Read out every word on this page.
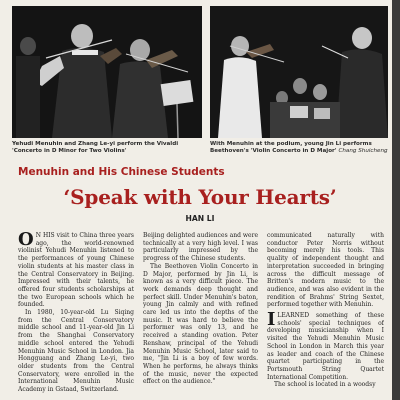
Yehudi Menuhin and Zhang Le-yi perform the Vivaldi 'Concerto in D Minor for Two Violins'
With Menuhin at the podium, young Jin Li performs Beethoven's 'Violin Concerto in D Major' Chang Shuicheng
Menuhin and His Chinese Students
‘Speak with Your Hearts’
HAN LI

O N HIS visit to China three years ago, the world-renowned violinist Yehudi Menuhin listened to the performances of young Chinese violin students at his master class in the Central Conservatory in Beijing. Impressed with their talents, he offered four students scholarships at the two European schools which he founded.

In 1980, 10-year-old Lu Siqing from the Central Conservatory middle school and 11-year-old Jin Li from the Shanghai Conservatory middle school entered the Yehudi Menuhin Music School in London. Jia Hongguang and Zhang Le-yi, two older students from the Central Conservatory, were enrolled in the International Menuhin Music Academy in Gstaad, Switzerland.

Beijing delighted audiences and were technically at a very high level. I was particularly impressed by the progress of the Chinese students.

The Beethoven Violin Concerto in D Major, performed by Jin Li, is known as a very difficult piece. The work demands deep thought and perfect skill. Under Menuhin's baton, young Jin calmly and with refined care led us into the depths of the music. It was hard to believe the performer was only 13, and he received a standing ovation. Peter Renshaw, principal of the Yehudi Menuhin Music School, later said to me, "Jin Li is a boy of few words. When he performs, he always thinks of the music, never the expected effect on the audience."

communicated naturally with conductor Peter Norris without becoming merely his tools. This quality of independent thought and interpretation succeeded in bringing across the difficult message of Britten's modern music to the audience, and was also evident in the rendition of Brahms' String Sextet, performed together with Menuhin.

I LEARNED something of these schools' special techniques of developing musicianship when I visited the Yehudi Menuhin Music School in London in March this year as leader and coach of the Chinese quartet participating in the Portsmouth String Quartet International Competition.

The school is located in a woodsy
